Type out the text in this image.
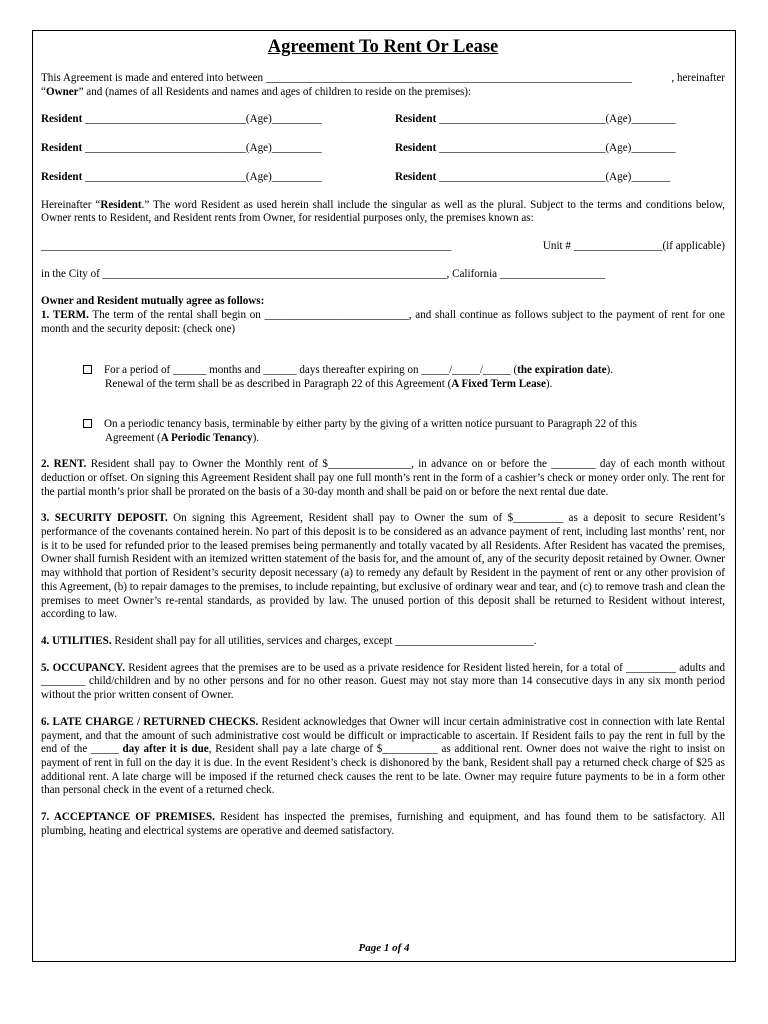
Agreement To Rent Or Lease

This Agreement is made and entered into between __________________________________________________________________	, hereinafter
“Owner” and (names of all Residents and names and ages of children to reside on the premises):

Resident _____________________________(Age)_________	Resident ______________________________(Age)________
Resident _____________________________(Age)_________	Resident ______________________________(Age)________
Resident _____________________________(Age)_________	Resident ______________________________(Age)_______

Hereinafter “Resident.” The word Resident as used herein shall include the singular as well as the plural. Subject to the terms and conditions below, Owner rents to Resident, and Resident rents from Owner, for residential purposes only, the premises known as:

__________________________________________________________________________	Unit # ________________(if applicable)
in the City of ______________________________________________________________, California ___________________

Owner and Resident mutually agree as follows:

1. TERM. The term of the rental shall begin on __________________________, and shall continue as follows subject to the payment of rent for one month and the security deposit: (check one)

For a period of ______ months and ______ days thereafter expiring on _____/_____/_____ (the expiration date).
Renewal of the term shall be as described in Paragraph 22 of this Agreement (A Fixed Term Lease).

On a periodic tenancy basis, terminable by either party by the giving of a written notice pursuant to Paragraph 22 of this
Agreement (A Periodic Tenancy).

2. RENT. Resident shall pay to Owner the Monthly rent of $_______________, in advance on or before the ________ day of each month without deduction or offset. On signing this Agreement Resident shall pay one full month’s rent in the form of a cashier’s check or money order only. The rent for the partial month’s prior shall be prorated on the basis of a 30-day month and shall be paid on or before the next rental due date.

3. SECURITY DEPOSIT. On signing this Agreement, Resident shall pay to Owner the sum of $_________ as a deposit to secure Resident’s performance of the covenants contained herein. No part of this deposit is to be considered as an advance payment of rent, including last months’ rent, nor is it to be used for refunded prior to the leased premises being permanently and totally vacated by all Residents. After Resident has vacated the premises, Owner shall furnish Resident with an itemized written statement of the basis for, and the amount of, any of the security deposit retained by Owner. Owner may withhold that portion of Resident’s security deposit necessary (a) to remedy any default by Resident in the payment of rent or any other provision of this Agreement, (b) to repair damages to the premises, to include repainting, but exclusive of ordinary wear and tear, and (c) to remove trash and clean the premises to meet Owner’s re-rental standards, as provided by law. The unused portion of this deposit shall be returned to Resident without interest, according to law.

4. UTILITIES. Resident shall pay for all utilities, services and charges, except _________________________.

5. OCCUPANCY. Resident agrees that the premises are to be used as a private residence for Resident listed herein, for a total of _________ adults and ________ child/children and by no other persons and for no other reason. Guest may not stay more than 14 consecutive days in any six month period without the prior written consent of Owner.

6. LATE CHARGE / RETURNED CHECKS. Resident acknowledges that Owner will incur certain administrative cost in connection with late Rental payment, and that the amount of such administrative cost would be difficult or impracticable to ascertain. If Resident fails to pay the rent in full by the end of the _____ day after it is due, Resident shall pay a late charge of $__________ as additional rent. Owner does not waive the right to insist on payment of rent in full on the day it is due. In the event Resident’s check is dishonored by the bank, Resident shall pay a returned check charge of $25 as additional rent. A late charge will be imposed if the returned check causes the rent to be late. Owner may require future payments to be in a form other than personal check in the event of a returned check.

7. ACCEPTANCE OF PREMISES. Resident has inspected the premises, furnishing and equipment, and has found them to be satisfactory. All plumbing, heating and electrical systems are operative and deemed satisfactory.

Page 1 of 4
